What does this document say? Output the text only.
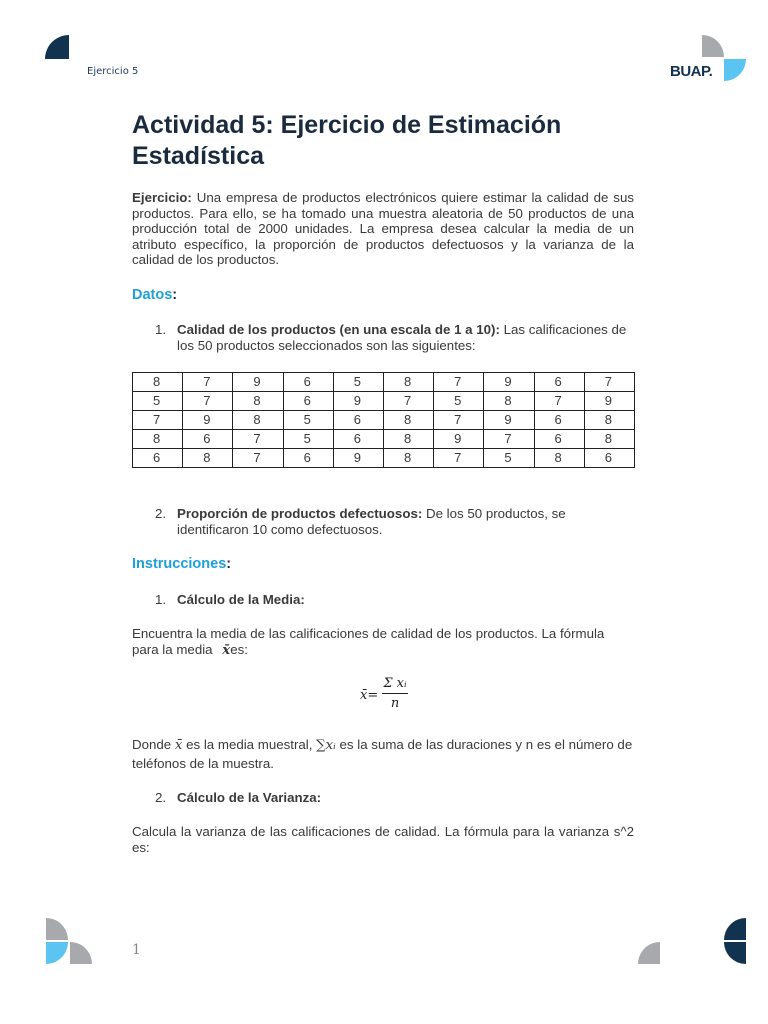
Ejercicio 5	BUAP.
Actividad 5: Ejercicio de Estimación Estadística

Ejercicio: Una empresa de productos electrónicos quiere estimar la calidad de sus productos. Para ello, se ha tomado una muestra aleatoria de 50 productos de una producción total de 2000 unidades. La empresa desea calcular la media de un atributo específico, la proporción de productos defectuosos y la varianza de la calidad de los productos.

Datos:
1. Calidad de los productos (en una escala de 1 a 10): Las calificaciones de los 50 productos seleccionados son las siguientes:
8	7	9	6	5	8	7	9	6	7
5	7	8	6	9	7	5	8	7	9
7	9	8	5	6	8	7	9	6	8
8	6	7	5	6	8	9	7	6	8
6	8	7	6	9	8	7	5	8	6
2. Proporción de productos defectuosos: De los 50 productos, se identificaron 10 como defectuosos.
Instrucciones:
1. Cálculo de la Media:

Encuentra la media de las calificaciones de calidad de los productos. La fórmula para la media x̄es:

x̄= $\frac{\text{Σ xᵢ}}{n}$

Donde x̄ es la media muestral, ∑xᵢ es la suma de las duraciones y n es el número de teléfonos de la muestra.

2. Cálculo de la Varianza:

Calcula la varianza de las calificaciones de calidad. La fórmula para la varianza s^2 es:

1
